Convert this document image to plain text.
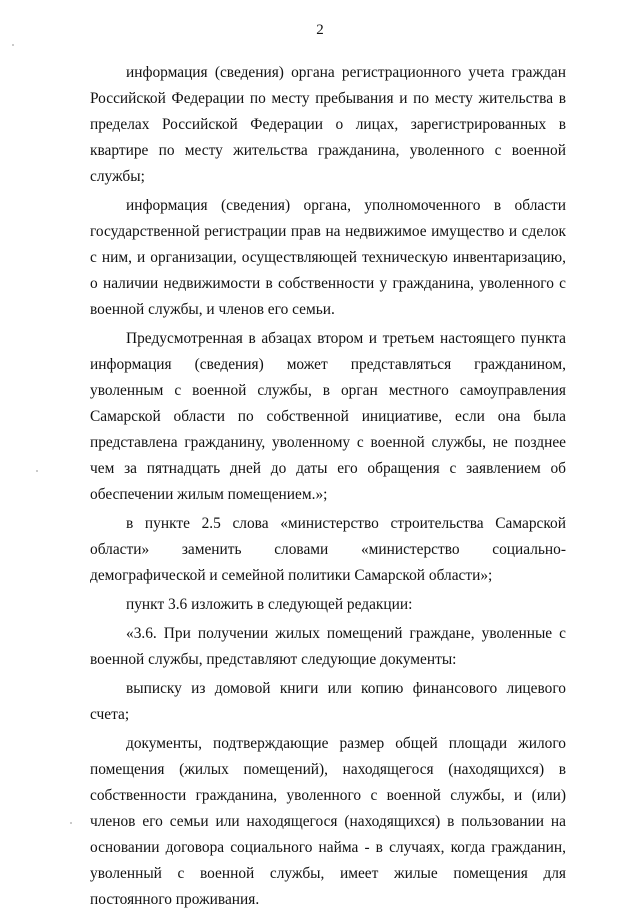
2

информация (сведения) органа регистрационного учета граждан Российской Федерации по месту пребывания и по месту жительства в пределах Российской Федерации о лицах, зарегистрированных в квартире по месту жительства гражданина, уволенного с военной службы;

информация (сведения) органа, уполномоченного в области государственной регистрации прав на недвижимое имущество и сделок с ним, и организации, осуществляющей техническую инвентаризацию, о наличии недвижимости в собственности у гражданина, уволенного с военной службы, и членов его семьи.

Предусмотренная в абзацах втором и третьем настоящего пункта информация (сведения) может представляться гражданином, уволенным с военной службы, в орган местного самоуправления Самарской области по собственной инициативе, если она была представлена гражданину, уволенному с военной службы, не позднее чем за пятнадцать дней до даты его обращения с заявлением об обеспечении жилым помещением.»;

в пункте 2.5 слова «министерство строительства Самарской области» заменить словами «министерство социально-демографической и семейной политики Самарской области»;

пункт 3.6 изложить в следующей редакции:

«3.6. При получении жилых помещений граждане, уволенные с военной службы, представляют следующие документы:

выписку из домовой книги или копию финансового лицевого счета;

документы, подтверждающие размер общей площади жилого помещения (жилых помещений), находящегося (находящихся) в собственности гражданина, уволенного с военной службы, и (или) членов его семьи или находящегося (находящихся) в пользовании на основании договора социального найма - в случаях, когда гражданин, уволенный с военной службы, имеет жилые помещения для постоянного проживания.
